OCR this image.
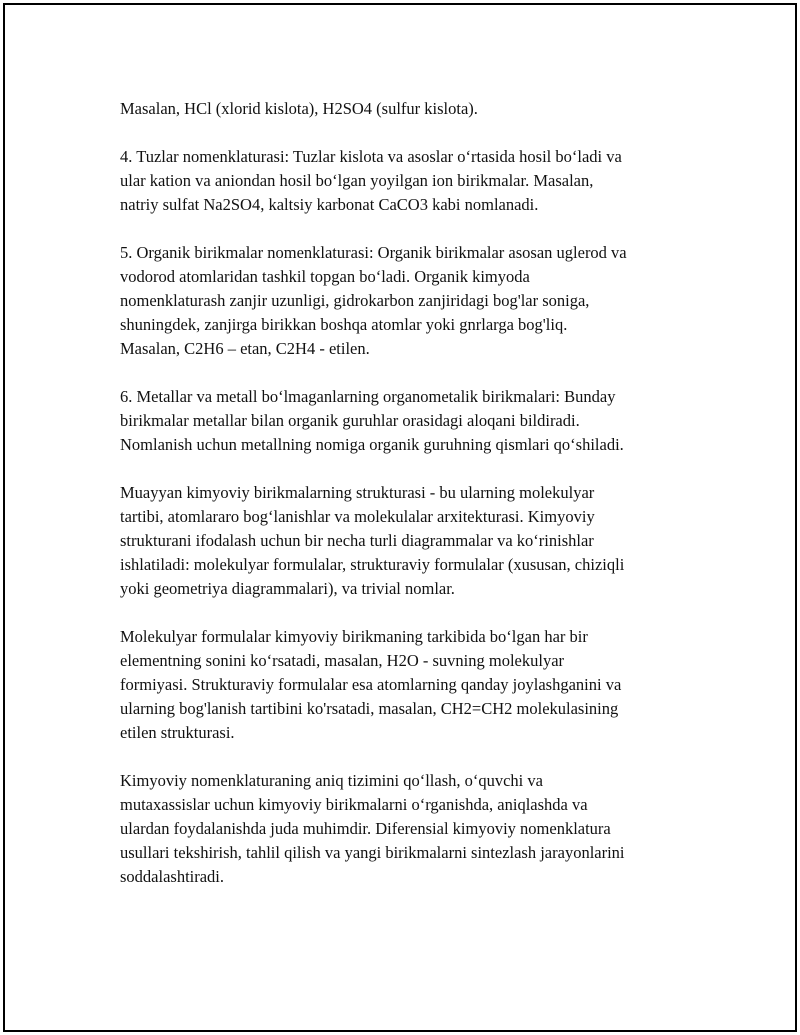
Masalan, HCl (xlorid kislota), H2SO4 (sulfur kislota).

4. Tuzlar nomenklaturasi: Tuzlar kislota va asoslar o‘rtasida hosil bo‘ladi va
ular kation va aniondan hosil bo‘lgan yoyilgan ion birikmalar. Masalan,
natriy sulfat Na2SO4, kaltsiy karbonat CaCO3 kabi nomlanadi.

5. Organik birikmalar nomenklaturasi: Organik birikmalar asosan uglerod va
vodorod atomlaridan tashkil topgan bo‘ladi. Organik kimyoda
nomenklaturash zanjir uzunligi, gidrokarbon zanjiridagi bog'lar soniga,
shuningdek, zanjirga birikkan boshqa atomlar yoki gnrlarga bog'liq.
Masalan, C2H6 – etan, C2H4 - etilen.

6. Metallar va metall bo‘lmaganlarning organometalik birikmalari: Bunday
birikmalar metallar bilan organik guruhlar orasidagi aloqani bildiradi.
Nomlanish uchun metallning nomiga organik guruhning qismlari qo‘shiladi.

Muayyan kimyoviy birikmalarning strukturasi - bu ularning molekulyar
tartibi, atomlararo bog‘lanishlar va molekulalar arxitekturasi. Kimyoviy
strukturani ifodalash uchun bir necha turli diagrammalar va ko‘rinishlar
ishlatiladi: molekulyar formulalar, strukturaviy formulalar (xususan, chiziqli
yoki geometriya diagrammalari), va trivial nomlar.

Molekulyar formulalar kimyoviy birikmaning tarkibida bo‘lgan har bir
elementning sonini ko‘rsatadi, masalan, H2O - suvning molekulyar
formiyasi. Strukturaviy formulalar esa atomlarning qanday joylashganini va
ularning bog'lanish tartibini ko'rsatadi, masalan, CH2=CH2 molekulasining
etilen strukturasi.

Kimyoviy nomenklaturaning aniq tizimini qo‘llash, o‘quvchi va
mutaxassislar uchun kimyoviy birikmalarni o‘rganishda, aniqlashda va
ulardan foydalanishda juda muhimdir. Diferensial kimyoviy nomenklatura
usullari tekshirish, tahlil qilish va yangi birikmalarni sintezlash jarayonlarini
soddalashtiradi.
